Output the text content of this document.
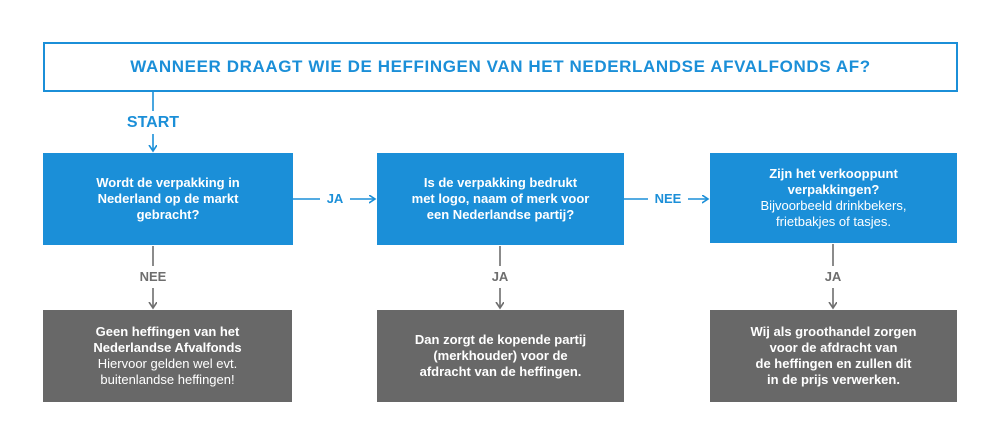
WANNEER DRAAGT WIE DE HEFFINGEN VAN HET NEDERLANDSE AFVALFONDS AF?
START
JA	NEE
NEE	JA	JA
Wordt de verpakking in
Nederland op de markt
gebracht?
Is de verpakking bedrukt
met logo, naam of merk voor
een Nederlandse partij?
Zijn het verkooppunt
verpakkingen?
Bijvoorbeeld drinkbekers,
frietbakjes of tasjes.
Geen heffingen van het
Nederlandse Afvalfonds
Hiervoor gelden wel evt.
buitenlandse heffingen!
Dan zorgt de kopende partij
(merkhouder) voor de
afdracht van de heffingen.
Wij als groothandel zorgen
voor de afdracht van
de heffingen en zullen dit
in de prijs verwerken.
